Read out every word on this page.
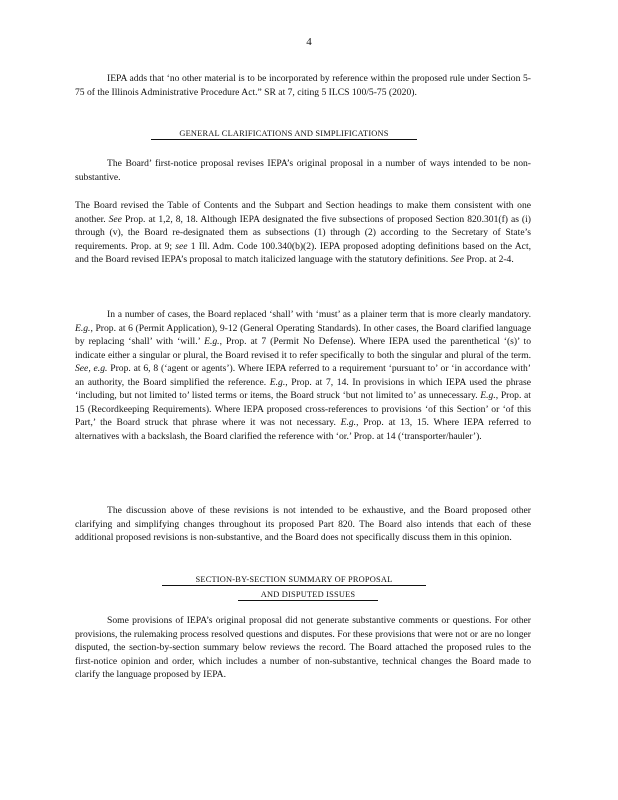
4

IEPA adds that ‘no other material is to be incorporated by reference within the proposed rule under Section 5-75 of the Illinois Administrative Procedure Act.” SR at 7, citing 5 ILCS 100/5-75 (2020).

GENERAL CLARIFICATIONS AND SIMPLIFICATIONS

The Board’ first-notice proposal revises IEPA’s original proposal in a number of ways intended to be non-substantive.

The Board revised the Table of Contents and the Subpart and Section headings to make them consistent with one another. See Prop. at 1,2, 8, 18. Although IEPA designated the five subsections of proposed Section 820.301(f) as (i) through (v), the Board re-designated them as subsections (1) through (2) according to the Secretary of State’s requirements. Prop. at 9; see 1 Ill. Adm. Code 100.340(b)(2). IEPA proposed adopting definitions based on the Act, and the Board revised IEPA’s proposal to match italicized language with the statutory definitions. See Prop. at 2-4.

In a number of cases, the Board replaced ‘shall’ with ‘must’ as a plainer term that is more clearly mandatory. E.g., Prop. at 6 (Permit Application), 9-12 (General Operating Standards). In other cases, the Board clarified language by replacing ‘shall’ with ‘will.’ E.g., Prop. at 7 (Permit No Defense). Where IEPA used the parenthetical ‘(s)’ to indicate either a singular or plural, the Board revised it to refer specifically to both the singular and plural of the term. See, e.g. Prop. at 6, 8 (‘agent or agents’). Where IEPA referred to a requirement ‘pursuant to’ or ‘in accordance with’ an authority, the Board simplified the reference. E.g., Prop. at 7, 14. In provisions in which IEPA used the phrase ‘including, but not limited to’ listed terms or items, the Board struck ‘but not limited to’ as unnecessary. E.g., Prop. at 15 (Recordkeeping Requirements). Where IEPA proposed cross-references to provisions ‘of this Section’ or ‘of this Part,’ the Board struck that phrase where it was not necessary. E.g., Prop. at 13, 15. Where IEPA referred to alternatives with a backslash, the Board clarified the reference with ‘or.’ Prop. at 14 (‘transporter/hauler’).

The discussion above of these revisions is not intended to be exhaustive, and the Board proposed other clarifying and simplifying changes throughout its proposed Part 820. The Board also intends that each of these additional proposed revisions is non-substantive, and the Board does not specifically discuss them in this opinion.

SECTION-BY-SECTION SUMMARY OF PROPOSAL
AND DISPUTED ISSUES

Some provisions of IEPA’s original proposal did not generate substantive comments or questions. For other provisions, the rulemaking process resolved questions and disputes. For these provisions that were not or are no longer disputed, the section-by-section summary below reviews the record. The Board attached the proposed rules to the first-notice opinion and order, which includes a number of non-substantive, technical changes the Board made to clarify the language proposed by IEPA.
